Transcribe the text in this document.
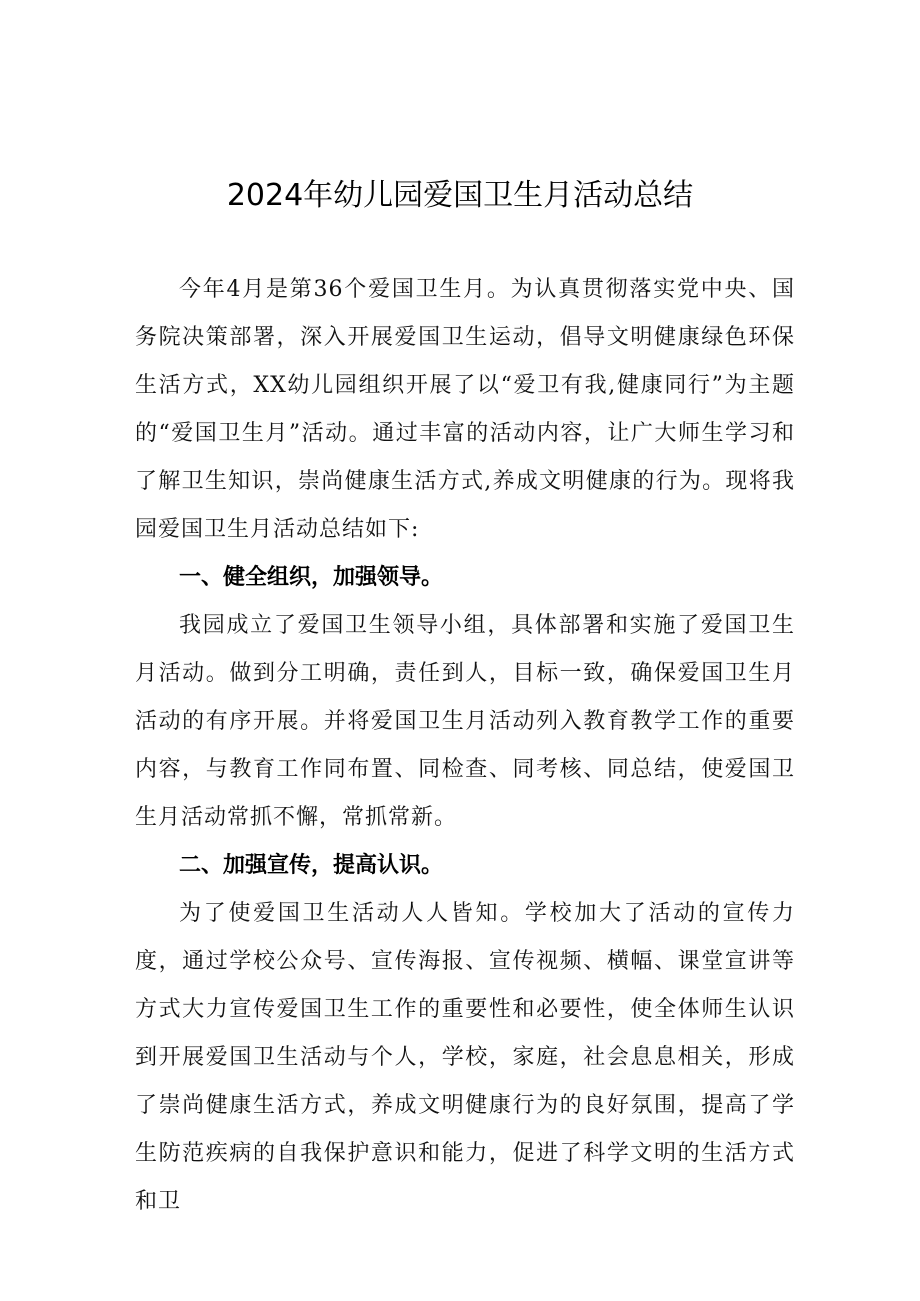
2024年幼儿园爱国卫生月活动总结

今年4月是第36个爱国卫生月。为认真贯彻落实党中央、国务院决策部署，深入开展爱国卫生运动，倡导文明健康绿色环保生活方式，XX幼儿园组织开展了以“爱卫有我,健康同行”为主题的“爱国卫生月”活动。通过丰富的活动内容，让广大师生学习和了解卫生知识，崇尚健康生活方式,养成文明健康的行为。现将我园爱国卫生月活动总结如下:

一、健全组织，加强领导。

我园成立了爱国卫生领导小组，具体部署和实施了爱国卫生月活动。做到分工明确，责任到人，目标一致，确保爱国卫生月活动的有序开展。并将爱国卫生月活动列入教育教学工作的重要内容，与教育工作同布置、同检查、同考核、同总结，使爱国卫生月活动常抓不懈，常抓常新。

二、加强宣传，提高认识。

为了使爱国卫生活动人人皆知。学校加大了活动的宣传力度，通过学校公众号、宣传海报、宣传视频、横幅、课堂宣讲等方式大力宣传爱国卫生工作的重要性和必要性，使全体师生认识到开展爱国卫生活动与个人，学校，家庭，社会息息相关，形成了崇尚健康生活方式，养成文明健康行为的良好氛围，提高了学生防范疾病的自我保护意识和能力，促进了科学文明的生活方式和卫
